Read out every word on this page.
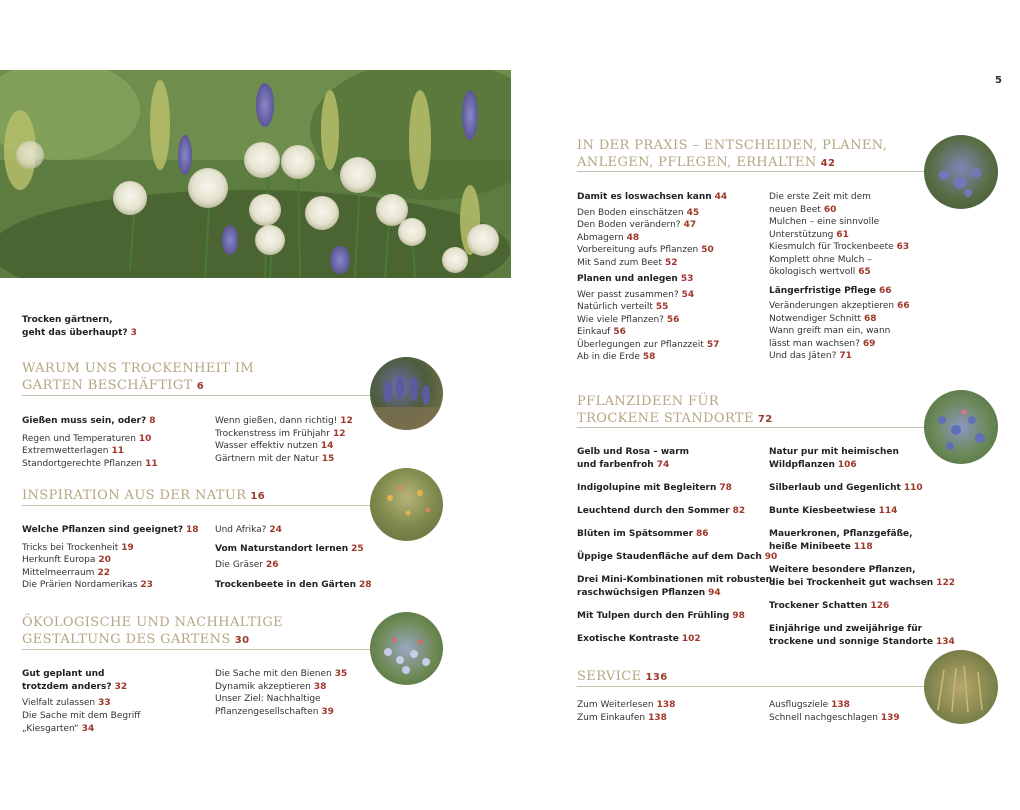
5
Trocken gärtnern,
geht das überhaupt? 3
WARUM UNS TROCKENHEIT IM
GARTEN BESCHÄFTIGT 6
Gießen muss sein, oder? 8
Regen und Temperaturen 10
Extremwetterlagen 11
Standortgerechte Pflanzen 11
Wenn gießen, dann richtig! 12
Trockenstress im Frühjahr 12
Wasser effektiv nutzen 14
Gärtnern mit der Natur 15
INSPIRATION AUS DER NATUR 16
Welche Pflanzen sind geeignet? 18
Tricks bei Trockenheit 19
Herkunft Europa 20
Mittelmeerraum 22
Die Prärien Nordamerikas 23
Und Afrika? 24
Vom Naturstandort lernen 25
Die Gräser 26
Trockenbeete in den Gärten 28
ÖKOLOGISCHE UND NACHHALTIGE
GESTALTUNG DES GARTENS 30
Gut geplant und
trotzdem anders? 32
Vielfalt zulassen 33
Die Sache mit dem Begriff
„Kiesgarten“ 34
Die Sache mit den Bienen 35
Dynamik akzeptieren 38
Unser Ziel: Nachhaltige
Pflanzengesellschaften 39
IN DER PRAXIS – ENTSCHEIDEN, PLANEN,
ANLEGEN, PFLEGEN, ERHALTEN 42
Damit es loswachsen kann 44
Den Boden einschätzen 45
Den Boden verändern? 47
Abmagern 48
Vorbereitung aufs Pflanzen 50
Mit Sand zum Beet 52
Planen und anlegen 53
Wer passt zusammen? 54
Natürlich verteilt 55
Wie viele Pflanzen? 56
Einkauf 56
Überlegungen zur Pflanzzeit 57
Ab in die Erde 58
Die erste Zeit mit dem
neuen Beet 60
Mulchen – eine sinnvolle
Unterstützung 61
Kiesmulch für Trockenbeete 63
Komplett ohne Mulch –
ökologisch wertvoll 65
Längerfristige Pflege 66
Veränderungen akzeptieren 66
Notwendiger Schnitt 68
Wann greift man ein, wann
lässt man wachsen? 69
Und das Jäten? 71
PFLANZIDEEN FÜR
TROCKENE STANDORTE 72
Gelb und Rosa – warm
und farbenfroh 74
Indigolupine mit Begleitern 78
Leuchtend durch den Sommer 82
Blüten im Spätsommer 86
Üppige Staudenfläche auf dem Dach 90
Drei Mini-Kombinationen mit robusten,
raschwüchsigen Pflanzen 94
Mit Tulpen durch den Frühling 98
Exotische Kontraste 102
Natur pur mit heimischen
Wildpflanzen 106
Silberlaub und Gegenlicht 110
Bunte Kiesbeetwiese 114
Mauerkronen, Pflanzgefäße,
heiße Minibeete 118
Weitere besondere Pflanzen,
die bei Trockenheit gut wachsen 122
Trockener Schatten 126
Einjährige und zweijährige für
trockene und sonnige Standorte 134
SERVICE 136
Zum Weiterlesen 138
Zum Einkaufen 138
Ausflugsziele 138
Schnell nachgeschlagen 139
